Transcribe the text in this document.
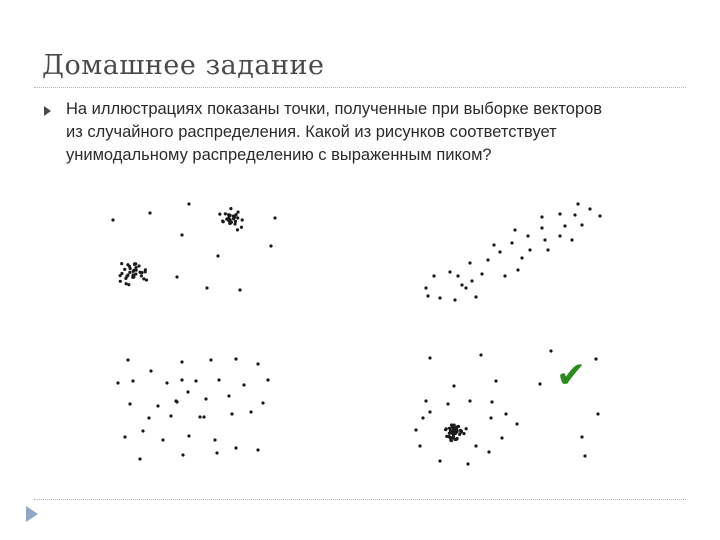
Домашнее задание
На иллюстрациях показаны точки, полученные при выборке векторов
из случайного распределения. Какой из рисунков соответствует
унимодальному распределению с выраженным пиком?
✔
